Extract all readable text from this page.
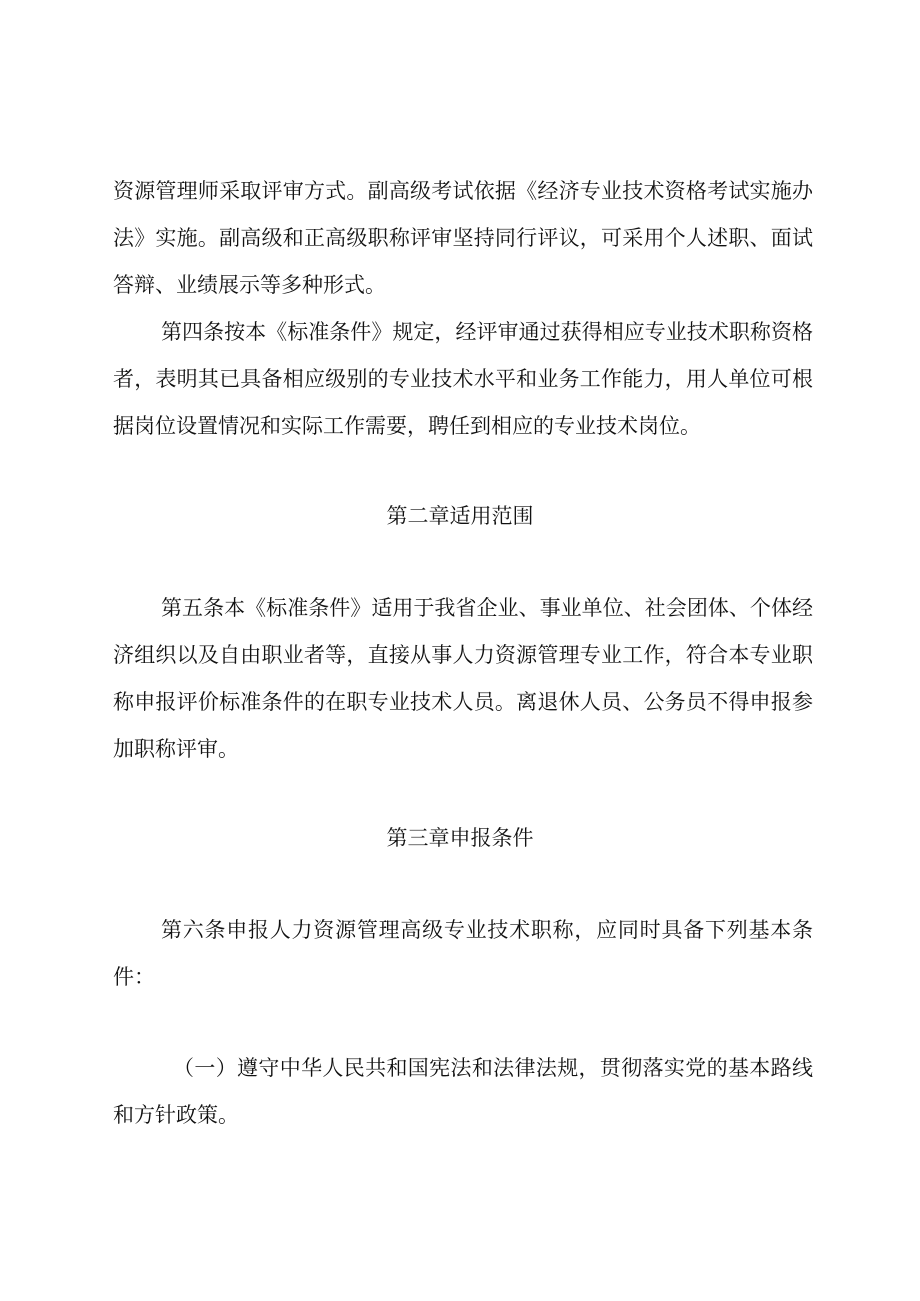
资源管理师采取评审方式。副高级考试依据《经济专业技术资格考试实施办法》实施。副高级和正高级职称评审坚持同行评议，可采用个人述职、面试答辩、业绩展示等多种形式。

第四条按本《标准条件》规定，经评审通过获得相应专业技术职称资格者，表明其已具备相应级别的专业技术水平和业务工作能力，用人单位可根据岗位设置情况和实际工作需要，聘任到相应的专业技术岗位。

第二章适用范围

第五条本《标准条件》适用于我省企业、事业单位、社会团体、个体经济组织以及自由职业者等，直接从事人力资源管理专业工作，符合本专业职称申报评价标准条件的在职专业技术人员。离退休人员、公务员不得申报参加职称评审。

第三章申报条件

第六条申报人力资源管理高级专业技术职称，应同时具备下列基本条件：

（一）遵守中华人民共和国宪法和法律法规，贯彻落实党的基本路线和方针政策。
